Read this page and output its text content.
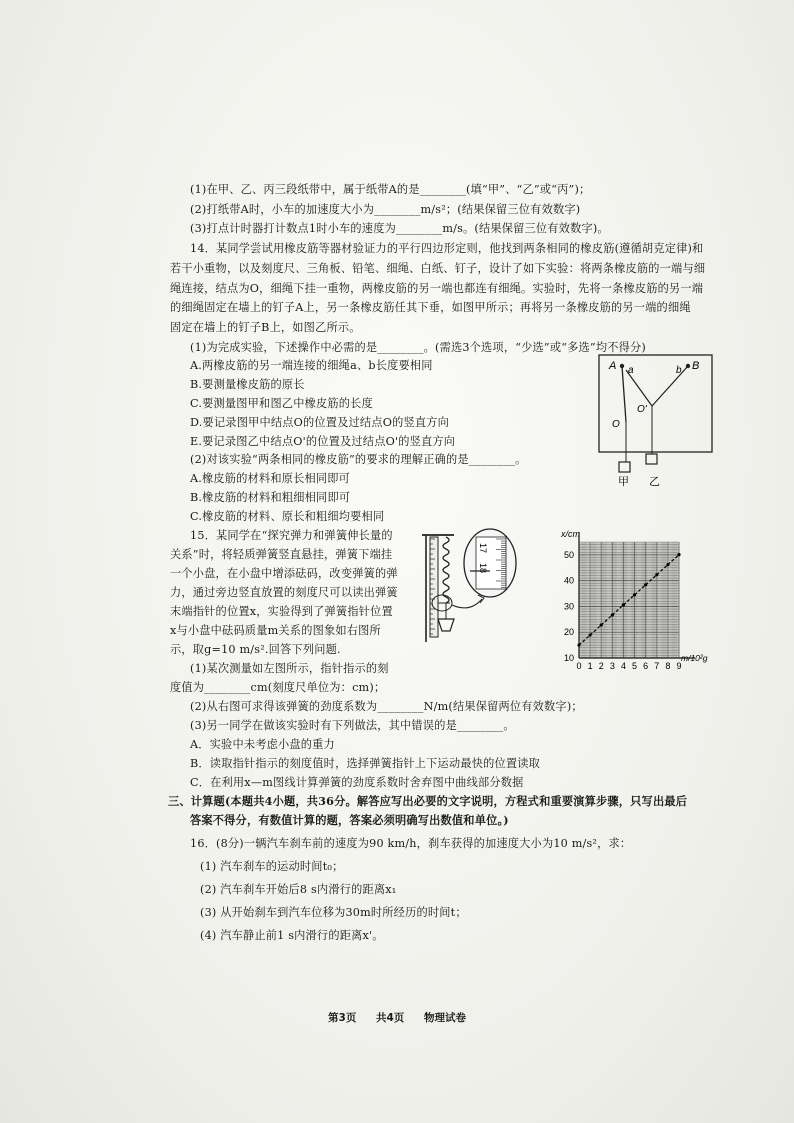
(1)在甲、乙、丙三段纸带中，属于纸带A的是________(填“甲”、“乙”或“丙”)；
(2)打纸带A时，小车的加速度大小为________m/s²；(结果保留三位有效数字)
(3)打点计时器打计数点1时小车的速度为________m/s。(结果保留三位有效数字)。
14．某同学尝试用橡皮筋等器材验证力的平行四边形定则，他找到两条相同的橡皮筋(遵循胡克定律)和
若干小重物，以及刻度尺、三角板、铅笔、细绳、白纸、钉子，设计了如下实验：将两条橡皮筋的一端与细
绳连接，结点为O，细绳下挂一重物，两橡皮筋的另一端也都连有细绳。实验时，先将一条橡皮筋的另一端
的细绳固定在墙上的钉子A上，另一条橡皮筋任其下垂，如图甲所示；再将另一条橡皮筋的另一端的细绳
固定在墙上的钉子B上，如图乙所示。
(1)为完成实验，下述操作中必需的是________。(需选3个选项，“少选”或“多选”均不得分)
A.两橡皮筋的另一端连接的细绳a、b长度要相同
B.要测量橡皮筋的原长
C.要测量图甲和图乙中橡皮筋的长度
D.要记录图甲中结点O的位置及过结点O的竖直方向
E.要记录图乙中结点O'的位置及过结点O'的竖直方向
(2)对该实验“两条相同的橡皮筋”的要求的理解正确的是________。
A.橡皮筋的材料和原长相同即可
B.橡皮筋的材料和粗细相同即可
C.橡皮筋的材料、原长和粗细均要相同
A a
O
甲
b B
O'
乙
15．某同学在“探究弹力和弹簧伸长量的
关系”时，将轻质弹簧竖直悬挂，弹簧下端挂
一个小盘，在小盘中增添砝码，改变弹簧的弹
力，通过旁边竖直放置的刻度尺可以读出弹簧
末端指针的位置x，实验得到了弹簧指针位置
x与小盘中砝码质量m关系的图象如右图所
示，取g=10 m/s².回答下列问题.
(1)某次测量如左图所示，指针指示的刻
度值为________cm(刻度尺单位为：cm)；
17
18
x/cm
m/10²g
0 1 2 3 4 5 6 7 8 9
10
20
30
40
50
(2)从右图可求得该弹簧的劲度系数为________N/m(结果保留两位有效数字)；
(3)另一同学在做该实验时有下列做法，其中错误的是________。
A．实验中未考虑小盘的重力
B．读取指针指示的刻度值时，选择弹簧指针上下运动最快的位置读取
C．在利用x—m图线计算弹簧的劲度系数时舍弃图中曲线部分数据
三、计算题(本题共4小题，共36分。解答应写出必要的文字说明，方程式和重要演算步骤，只写出最后
答案不得分，有数值计算的题，答案必须明确写出数值和单位。)
16．(8分)一辆汽车刹车前的速度为90 km/h，刹车获得的加速度大小为10 m/s²，求：
(1) 汽车刹车的运动时间t₀；
(2) 汽车刹车开始后8 s内滑行的距离x₁
(3) 从开始刹车到汽车位移为30m时所经历的时间t；
(4) 汽车静止前1 s内滑行的距离x'。
第3页 共4页 物理试卷
